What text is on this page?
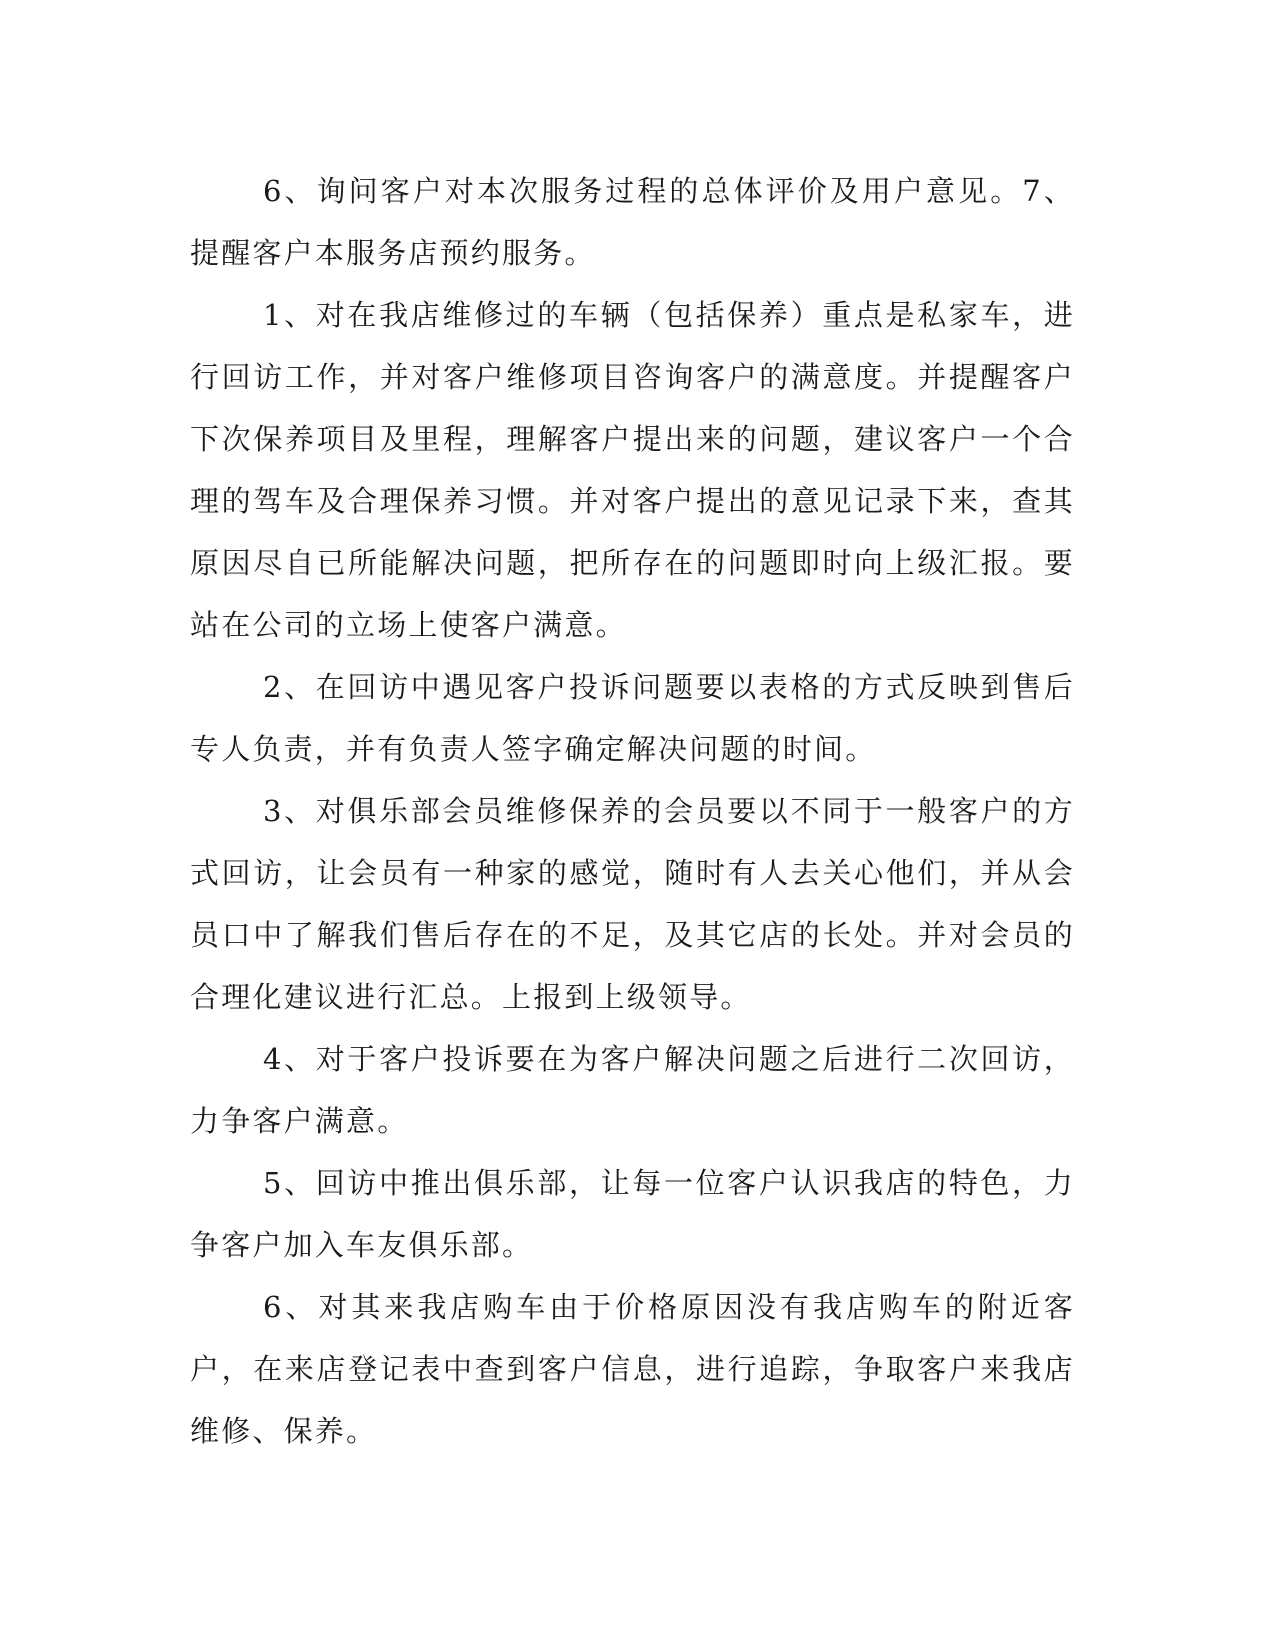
6、询问客户对本次服务过程的总体评价及用户意见。7、提醒客户本服务店预约服务。

1、对在我店维修过的车辆（包括保养）重点是私家车，进行回访工作，并对客户维修项目咨询客户的满意度。并提醒客户下次保养项目及里程，理解客户提出来的问题，建议客户一个合理的驾车及合理保养习惯。并对客户提出的意见记录下来，查其原因尽自已所能解决问题，把所存在的问题即时向上级汇报。要站在公司的立场上使客户满意。

2、在回访中遇见客户投诉问题要以表格的方式反映到售后专人负责，并有负责人签字确定解决问题的时间。

3、对俱乐部会员维修保养的会员要以不同于一般客户的方式回访，让会员有一种家的感觉，随时有人去关心他们，并从会员口中了解我们售后存在的不足，及其它店的长处。并对会员的合理化建议进行汇总。上报到上级领导。

4、对于客户投诉要在为客户解决问题之后进行二次回访，力争客户满意。

5、回访中推出俱乐部，让每一位客户认识我店的特色，力争客户加入车友俱乐部。

6、对其来我店购车由于价格原因没有我店购车的附近客户，在来店登记表中查到客户信息，进行追踪，争取客户来我店维修、保养。
